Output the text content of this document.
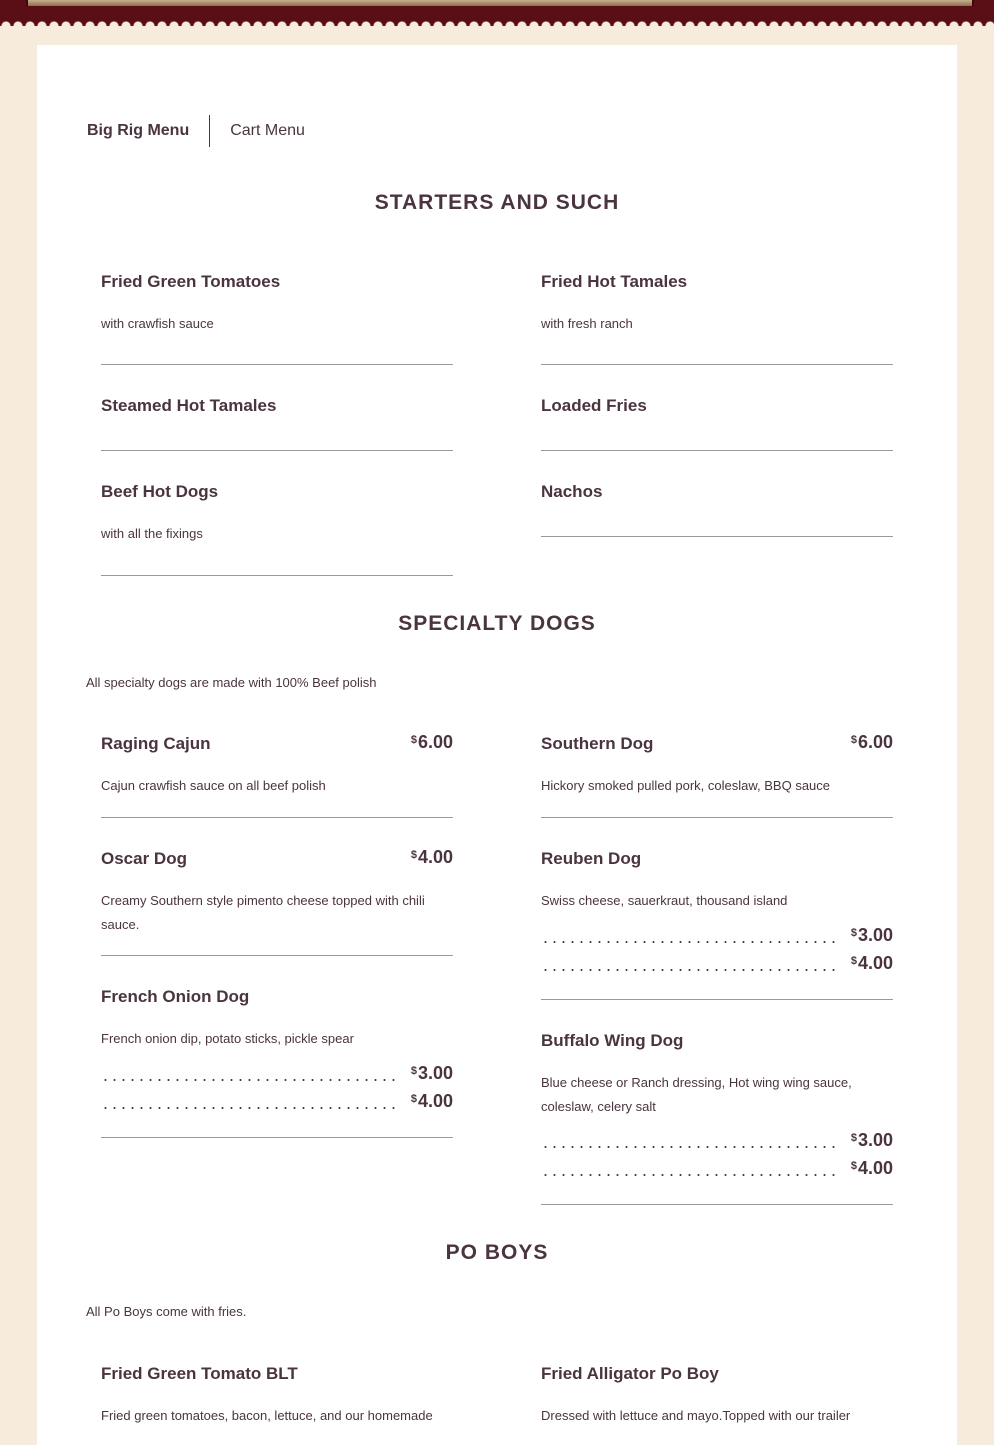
Big Rig Menu	Cart Menu
STARTERS AND SUCH
Fried Green Tomatoes
with crawfish sauce
Fried Hot Tamales
with fresh ranch
Steamed Hot Tamales	Loaded Fries
Beef Hot Dogs
with all the fixings
Nachos
SPECIALTY DOGS
All specialty dogs are made with 100% Beef polish
Raging Cajun	$6.00
Cajun crawfish sauce on all beef polish
Southern Dog	$6.00
Hickory smoked pulled pork, coleslaw, BBQ sauce
Oscar Dog	$4.00
Creamy Southern style pimento cheese topped with chili sauce.
Reuben Dog
Swiss cheese, sauerkraut, thousand island
$3.00
$4.00
French Onion Dog
French onion dip, potato sticks, pickle spear
$3.00
$4.00
Buffalo Wing Dog
Blue cheese or Ranch dressing, Hot wing wing sauce, coleslaw, celery salt
$3.00
$4.00
PO BOYS
All Po Boys come with fries.
Fried Green Tomato BLT
Fried green tomatoes, bacon, lettuce, and our homemade
Fried Alligator Po Boy
Dressed with lettuce and mayo.Topped with our trailer
